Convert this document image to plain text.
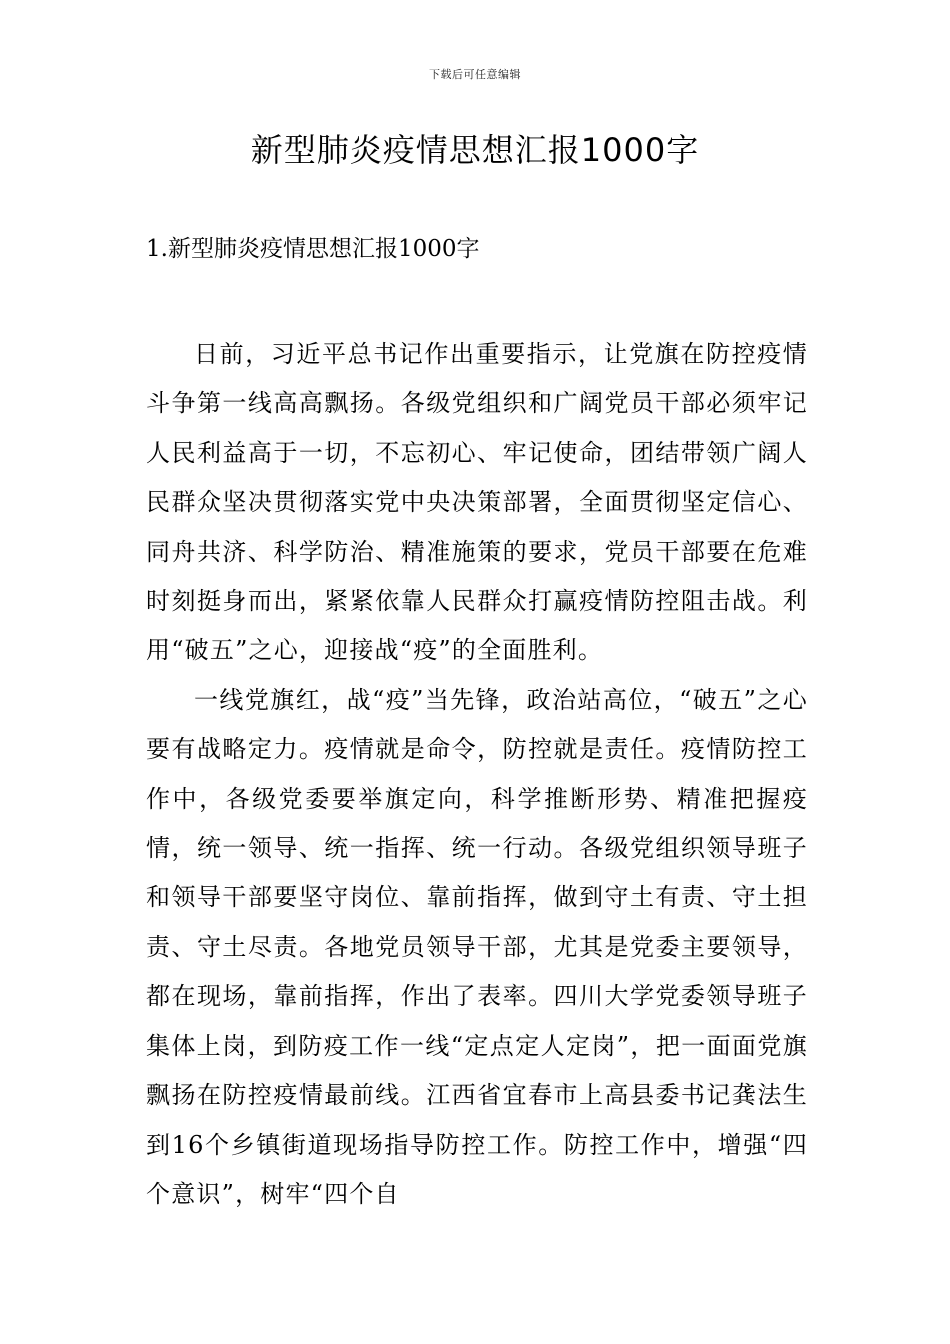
下载后可任意编辑
新型肺炎疫情思想汇报1000字
1.新型肺炎疫情思想汇报1000字

日前，习近平总书记作出重要指示，让党旗在防控疫情斗争第一线高高飘扬。各级党组织和广阔党员干部必须牢记人民利益高于一切，不忘初心、牢记使命，团结带领广阔人民群众坚决贯彻落实党中央决策部署，全面贯彻坚定信心、同舟共济、科学防治、精准施策的要求，党员干部要在危难时刻挺身而出，紧紧依靠人民群众打赢疫情防控阻击战。利用“破五”之心，迎接战“疫”的全面胜利。

一线党旗红，战“疫”当先锋，政治站高位，“破五”之心要有战略定力。疫情就是命令，防控就是责任。疫情防控工作中，各级党委要举旗定向，科学推断形势、精准把握疫情，统一领导、统一指挥、统一行动。各级党组织领导班子和领导干部要坚守岗位、靠前指挥，做到守土有责、守土担责、守土尽责。各地党员领导干部，尤其是党委主要领导，都在现场，靠前指挥，作出了表率。四川大学党委领导班子集体上岗，到防疫工作一线“定点定人定岗”，把一面面党旗飘扬在防控疫情最前线。江西省宜春市上高县委书记龚法生到16个乡镇街道现场指导防控工作。防控工作中，增强“四个意识”，树牢“四个自
